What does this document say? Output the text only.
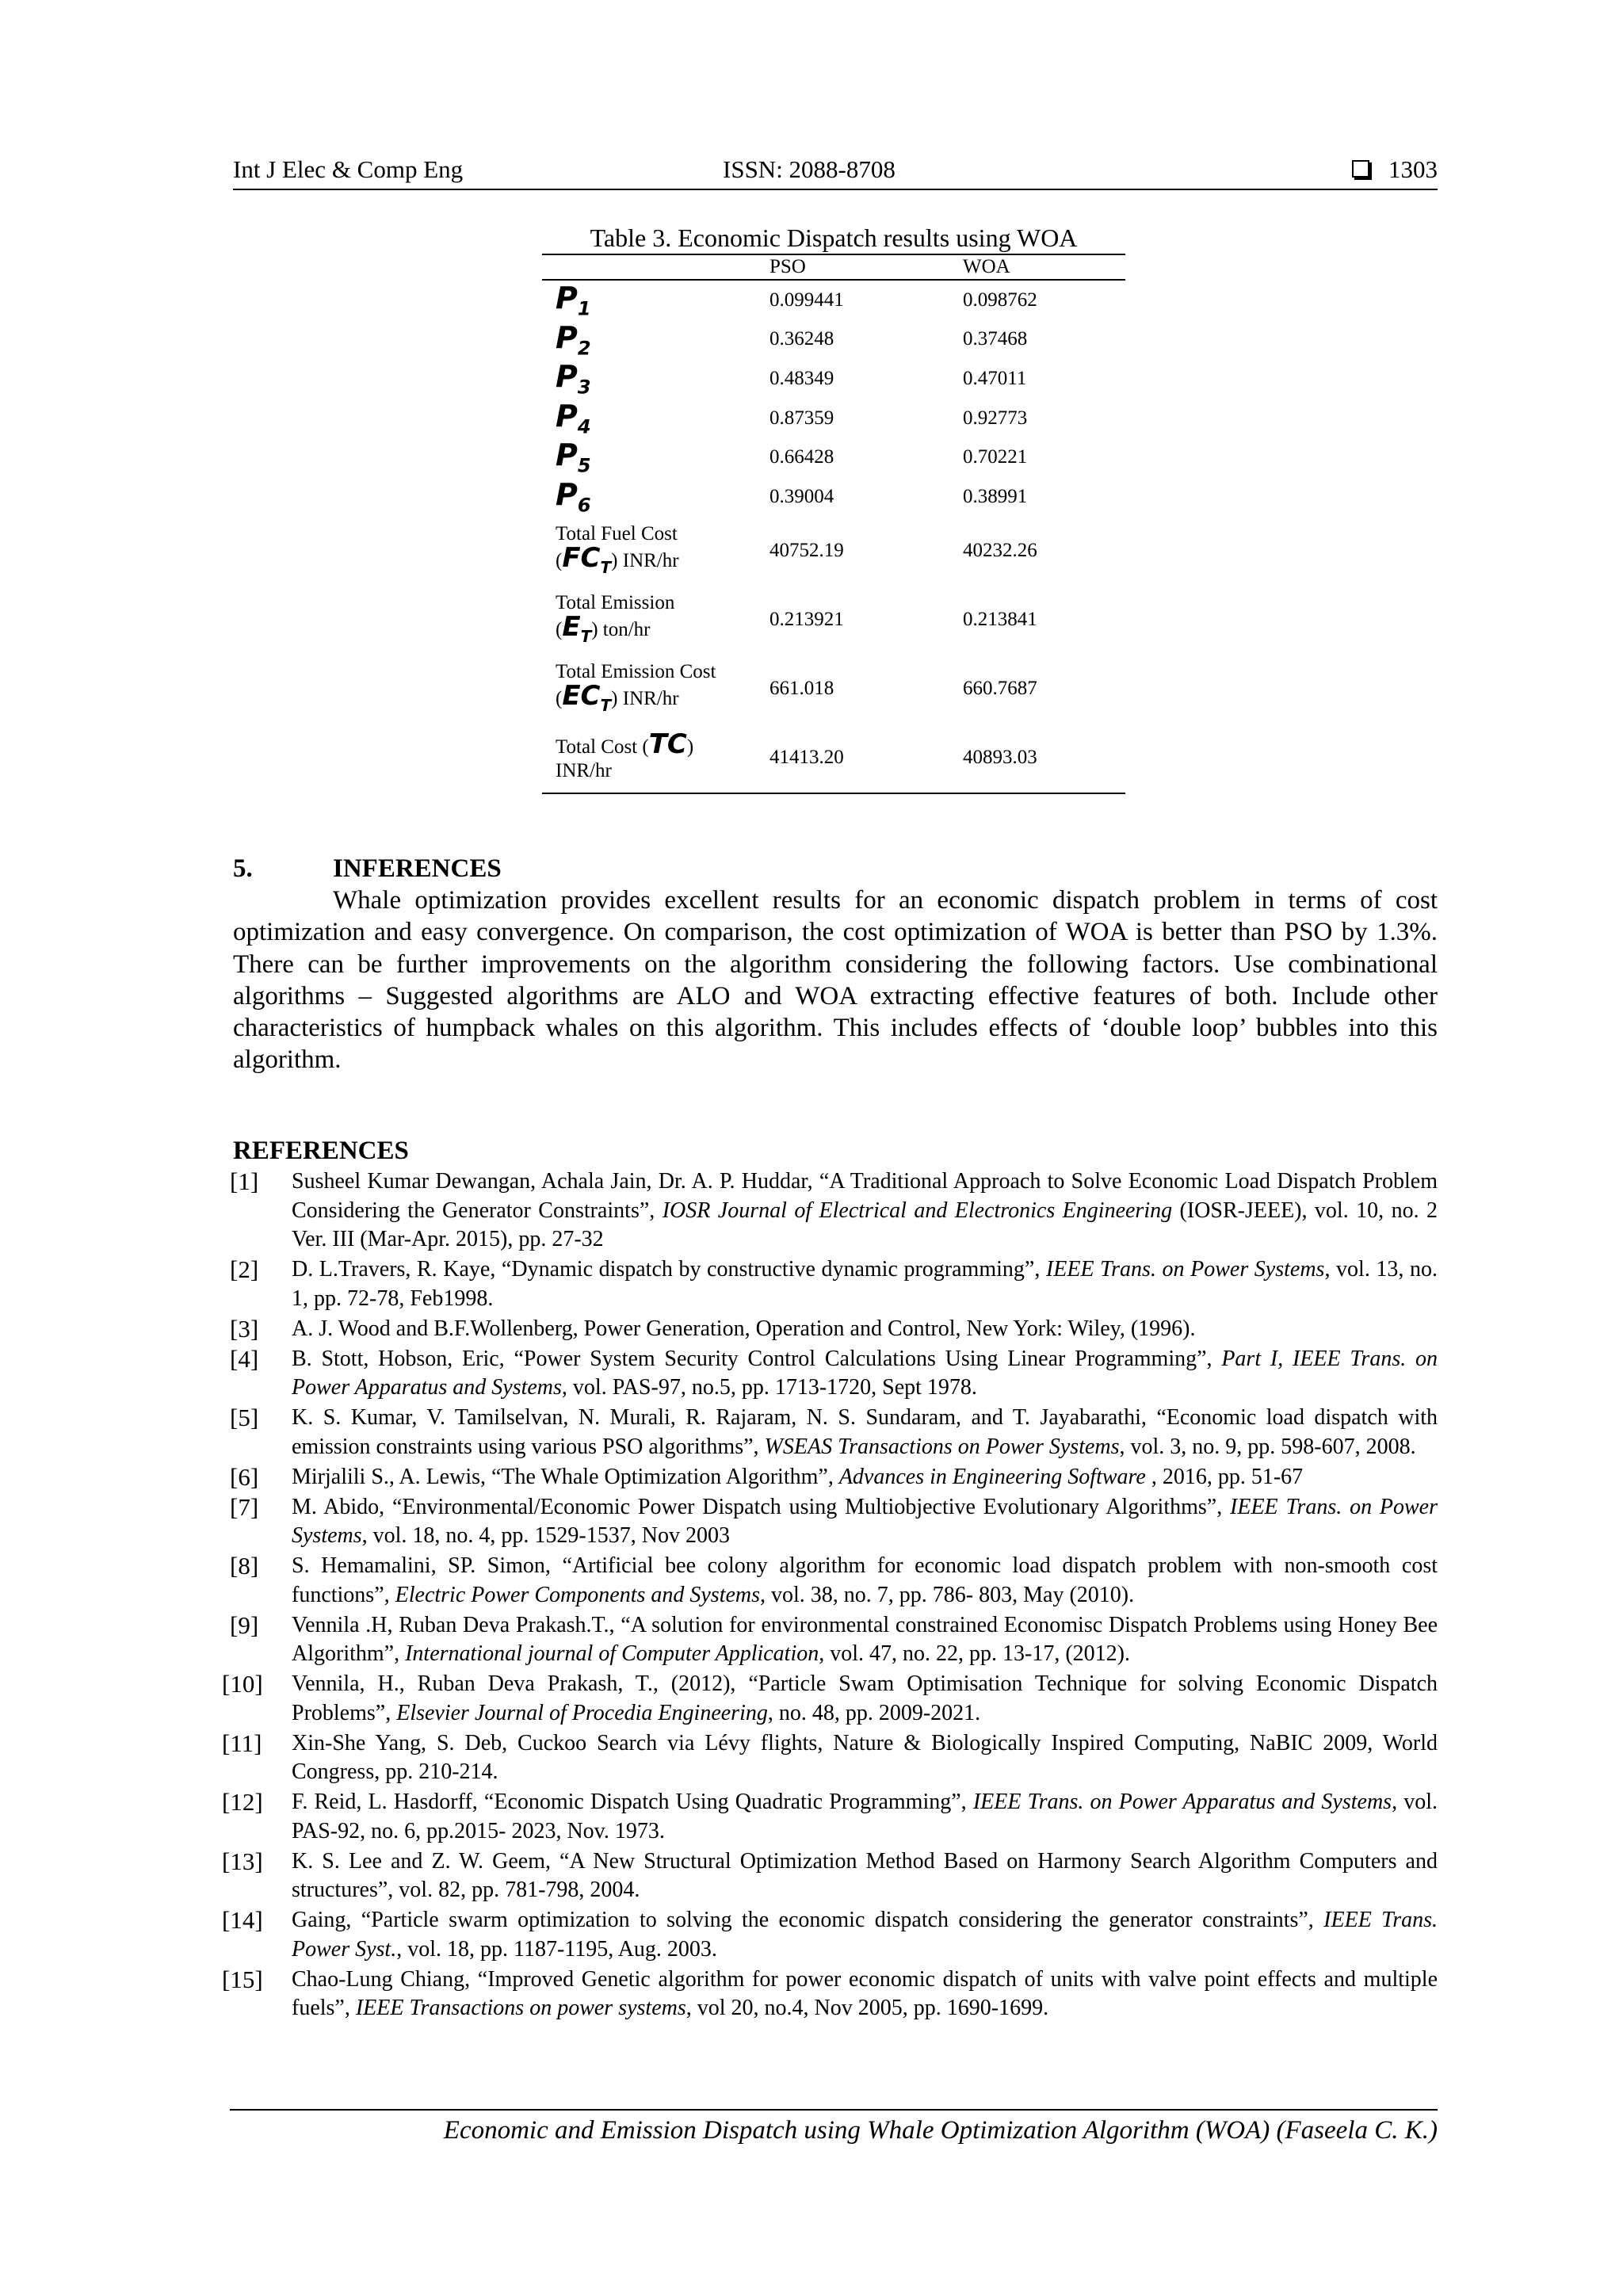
Int J Elec & Comp Eng	ISSN: 2088-8708	1303
Table 3. Economic Dispatch results using WOA
	PSO	WOA
$P_1$	0.099441	0.098762
$P_2$	0.36248	0.37468
$P_3$	0.48349	0.47011
$P_4$	0.87359	0.92773
$P_5$	0.66428	0.70221
$P_6$	0.39004	0.38991

Total Fuel Cost
$(FC_T)$ INR/hr	40752.19	40232.26

Total Emission
$(E_T)$ ton/hr	0.213921	0.213841

Total Emission Cost
$(EC_T)$ INR/hr	661.018	660.7687

Total Cost (TC)
INR/hr	41413.20	40893.03
5.	INFERENCES

Whale optimization provides excellent results for an economic dispatch problem in terms of cost optimization and easy convergence. On comparison, the cost optimization of WOA is better than PSO by 1.3%. There can be further improvements on the algorithm considering the following factors. Use combinational algorithms – Suggested algorithms are ALO and WOA extracting effective features of both. Include other characteristics of humpback whales on this algorithm. This includes effects of ‘double loop’ bubbles into this algorithm.

REFERENCES
[1] Susheel Kumar Dewangan, Achala Jain, Dr. A. P. Huddar, “A Traditional Approach to Solve Economic Load Dispatch Problem Considering the Generator Constraints”, IOSR Journal of Electrical and Electronics Engineering (IOSR-JEEE), vol. 10, no. 2 Ver. III (Mar-Apr. 2015), pp. 27-32
[2] D. L.Travers, R. Kaye, “Dynamic dispatch by constructive dynamic programming”, IEEE Trans. on Power Systems, vol. 13, no. 1, pp. 72-78, Feb1998.
[3] A. J. Wood and B.F.Wollenberg, Power Generation, Operation and Control, New York: Wiley, (1996).
[4] B. Stott, Hobson, Eric, “Power System Security Control Calculations Using Linear Programming”, Part I, IEEE Trans. on Power Apparatus and Systems, vol. PAS-97, no.5, pp. 1713-1720, Sept 1978.
[5] K. S. Kumar, V. Tamilselvan, N. Murali, R. Rajaram, N. S. Sundaram, and T. Jayabarathi, “Economic load dispatch with emission constraints using various PSO algorithms”, WSEAS Transactions on Power Systems, vol. 3, no. 9, pp. 598-607, 2008.
[6] Mirjalili S., A. Lewis, “The Whale Optimization Algorithm”, Advances in Engineering Software , 2016, pp. 51-67
[7] M. Abido, “Environmental/Economic Power Dispatch using Multiobjective Evolutionary Algorithms”, IEEE Trans. on Power Systems, vol. 18, no. 4, pp. 1529-1537, Nov 2003
[8] S. Hemamalini, SP. Simon, “Artificial bee colony algorithm for economic load dispatch problem with non-smooth cost functions”, Electric Power Components and Systems, vol. 38, no. 7, pp. 786- 803, May (2010).
[9] Vennila .H, Ruban Deva Prakash.T., “A solution for environmental constrained Economisc Dispatch Problems using Honey Bee Algorithm”, International journal of Computer Application, vol. 47, no. 22, pp. 13-17, (2012).
[10] Vennila, H., Ruban Deva Prakash, T., (2012), “Particle Swam Optimisation Technique for solving Economic Dispatch Problems”, Elsevier Journal of Procedia Engineering, no. 48, pp. 2009-2021.
[11] Xin-She Yang, S. Deb, Cuckoo Search via Lévy flights, Nature & Biologically Inspired Computing, NaBIC 2009, World Congress, pp. 210-214.
[12] F. Reid, L. Hasdorff, “Economic Dispatch Using Quadratic Programming”, IEEE Trans. on Power Apparatus and Systems, vol. PAS-92, no. 6, pp.2015- 2023, Nov. 1973.
[13] K. S. Lee and Z. W. Geem, “A New Structural Optimization Method Based on Harmony Search Algorithm Computers and structures”, vol. 82, pp. 781-798, 2004.
[14] Gaing, “Particle swarm optimization to solving the economic dispatch considering the generator constraints”, IEEE Trans. Power Syst., vol. 18, pp. 1187-1195, Aug. 2003.
[15] Chao-Lung Chiang, “Improved Genetic algorithm for power economic dispatch of units with valve point effects and multiple fuels”, IEEE Transactions on power systems, vol 20, no.4, Nov 2005, pp. 1690-1699.
Economic and Emission Dispatch using Whale Optimization Algorithm (WOA) (Faseela C. K.)
